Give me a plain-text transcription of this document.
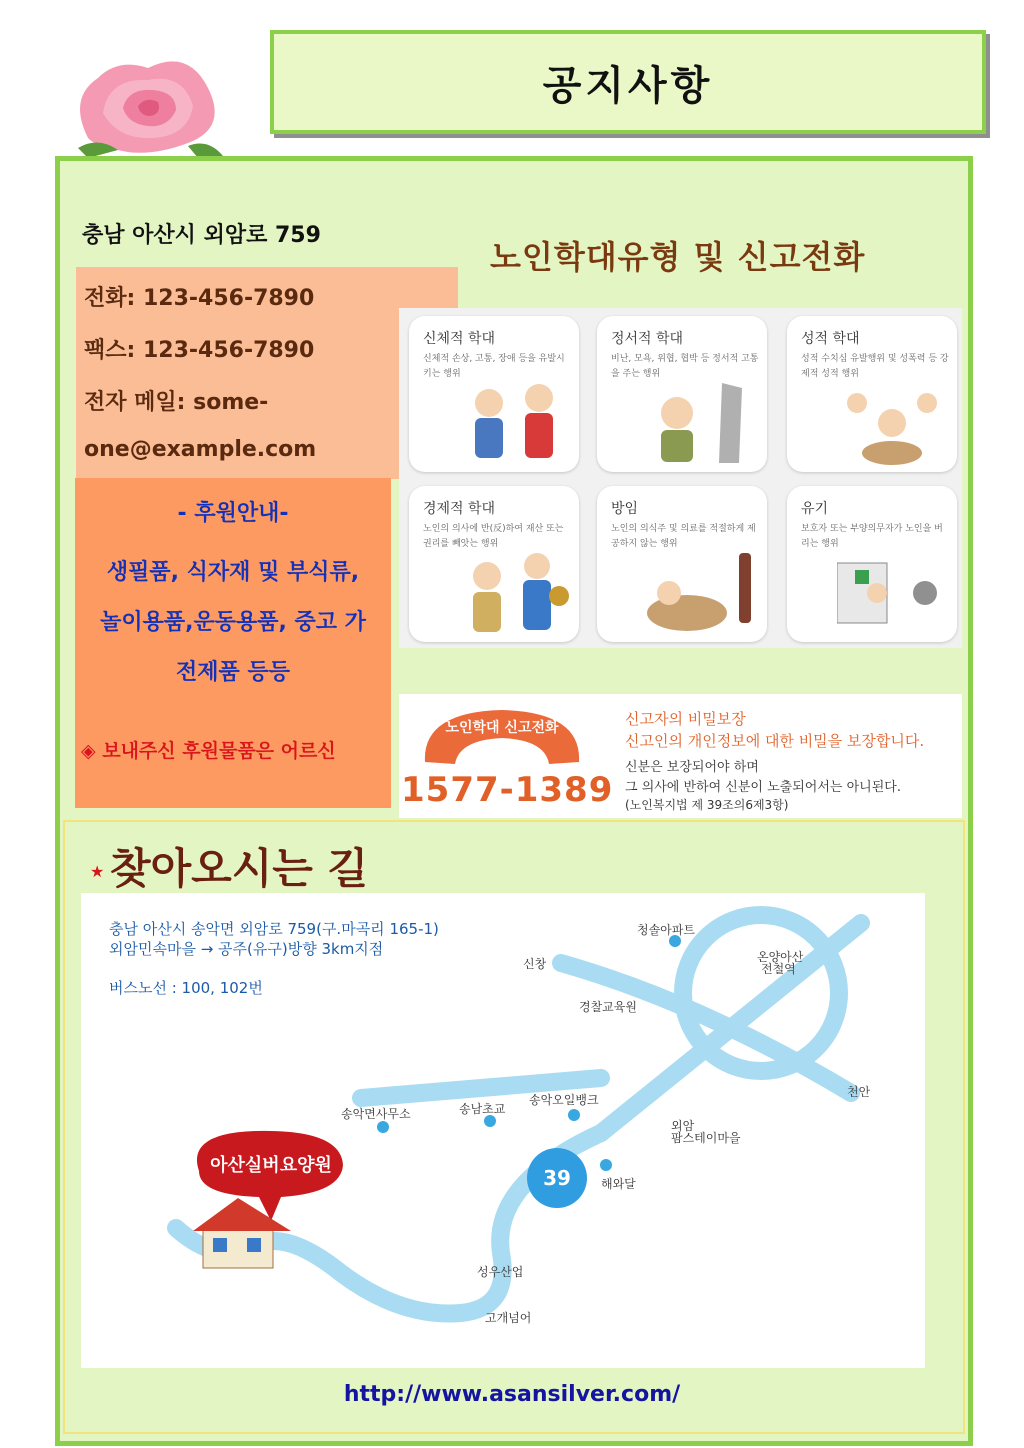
공지사항
충남 아산시 외암로 759
전화: 123-456-7890
팩스: 123-456-7890
전자 메일: some-
one@example.com
- 후원안내-
생필품, 식자재 및 부식류,
놀이용품,운동용품, 중고 가
전제품 등등
◈ 보내주신 후원물품은 어르신
노인학대유형 및 신고전화
신체적 학대
신체적 손상, 고통, 장애 등을 유발시키는 행위
정서적 학대
비난, 모욕, 위협, 협박 등 정서적 고통을 주는 행위
성적 학대
성적 수치심 유발행위 및 성폭력 등 강제적 성적 행위
경제적 학대
노인의 의사에 반(反)하여 재산 또는 권리를 빼앗는 행위
방임
노인의 의식주 및 의료를 적절하게 제공하지 않는 행위
유기
보호자 또는 부양의무자가 노인을 버리는 행위
노인학대 신고전화
1577-1389
신고자의 비밀보장
신고인의 개인정보에 대한 비밀을 보장합니다.
신분은 보장되어야 하며
그 의사에 반하여 신분이 노출되어서는 아니된다.
(노인복지법 제 39조의6제3항)
★ 찾아오시는 길
39
아산실버요양원
충남 아산시 송악면 외암로 759(구.마곡리 165-1)
외암민속마을 → 공주(유구)방향 3km지점
버스노선 : 100, 102번
청솔아파트
온양아산
전철역
신창
경찰교육원
천안
송악면사무소	송남초교
송악오일뱅크
외암
팜스테이마을
해와달
성우산업
고개넘어
http://www.asansilver.com/
